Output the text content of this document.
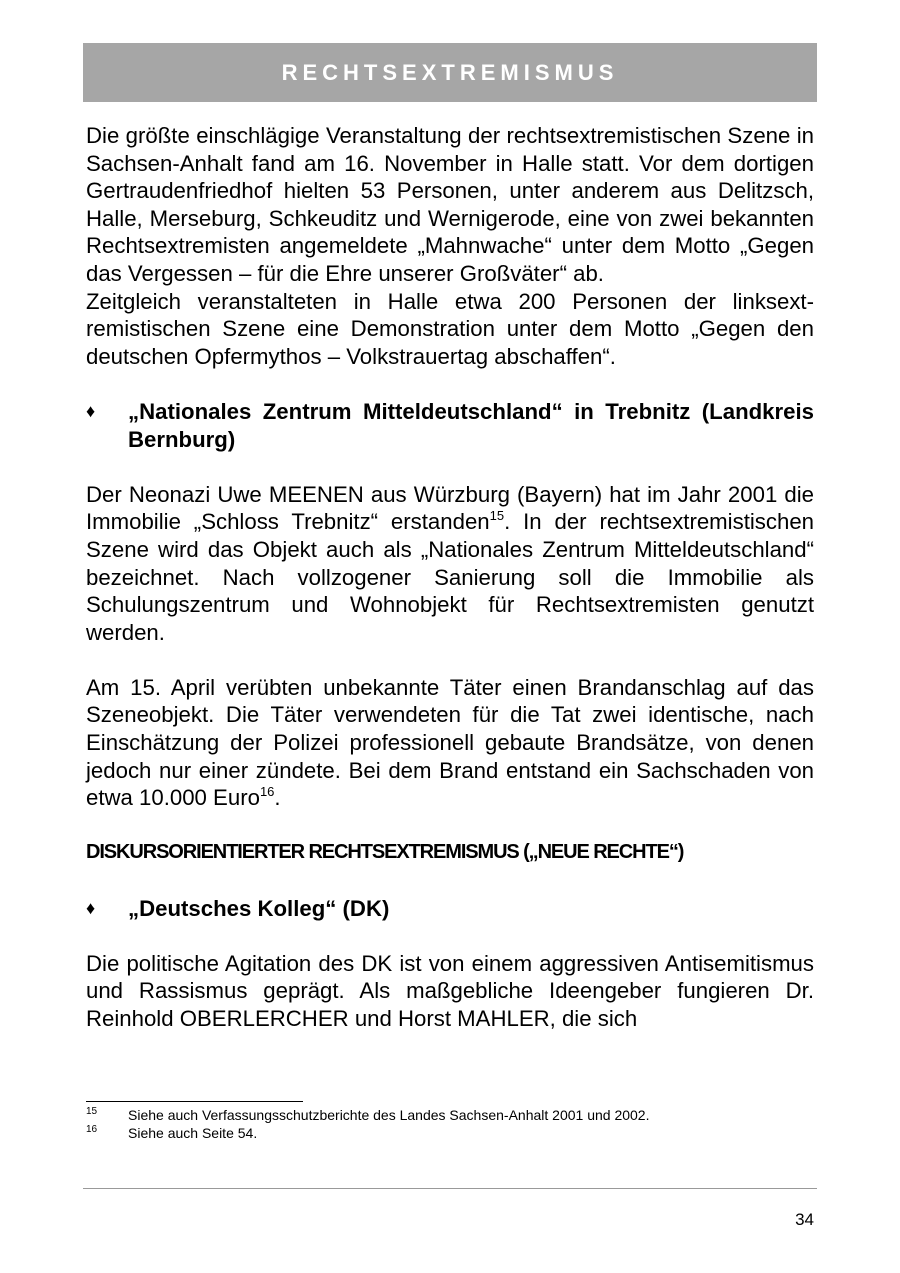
RECHTSEXTREMISMUS

Die größte einschlägige Veranstaltung der rechtsextremistischen Szene in Sachsen-Anhalt fand am 16. November in Halle statt. Vor dem dortigen Gertraudenfriedhof hielten 53 Personen, unter anderem aus Delitzsch, Halle, Merseburg, Schkeuditz und Wernigerode, eine von zwei bekannten Rechtsextremisten angemeldete „Mahnwache“ unter dem Motto „Gegen das Vergessen – für die Ehre unserer Großväter“ ab.

Zeitgleich veranstalteten in Halle etwa 200 Personen der linksextremistischen Szene eine Demonstration unter dem Motto „Gegen den deutschen Opfermythos – Volkstrauertag abschaffen“.

♦	„Nationales Zentrum Mitteldeutschland“ in Trebnitz (Landkreis Bernburg)

Der Neonazi Uwe MEENEN aus Würzburg (Bayern) hat im Jahr 2001 die Immobilie „Schloss Trebnitz“ erstanden$^{15}$. In der rechtsextremistischen Szene wird das Objekt auch als „Nationales Zentrum Mitteldeutschland“ bezeichnet. Nach vollzogener Sanierung soll die Immobilie als Schulungszentrum und Wohnobjekt für Rechtsextremisten genutzt werden.

Am 15. April verübten unbekannte Täter einen Brandanschlag auf das Szeneobjekt. Die Täter verwendeten für die Tat zwei identische, nach Einschätzung der Polizei professionell gebaute Brandsätze, von denen jedoch nur einer zündete. Bei dem Brand entstand ein Sachschaden von etwa 10.000 Euro$^{16}$.

DISKURSORIENTIERTER RECHTSEXTREMISMUS („NEUE RECHTE“)
♦	„Deutsches Kolleg“ (DK)

Die politische Agitation des DK ist von einem aggressiven Antisemitismus und Rassismus geprägt. Als maßgebliche Ideengeber fungieren Dr. Reinhold OBERLERCHER und Horst MAHLER, die sich

15	Siehe auch Verfassungsschutzberichte des Landes Sachsen-Anhalt 2001 und 2002.
16	Siehe auch Seite 54.
34
